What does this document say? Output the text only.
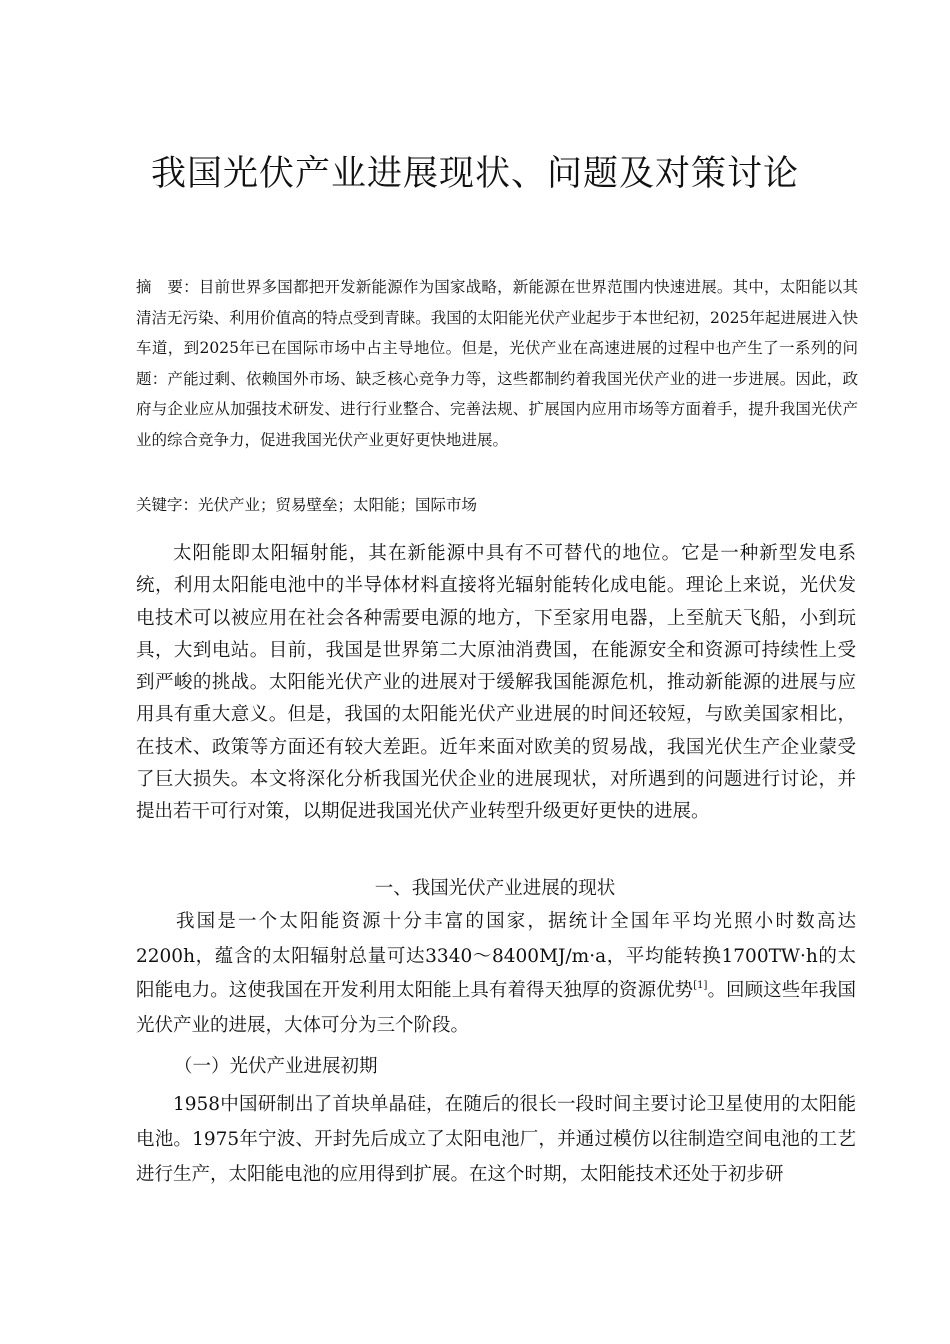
我国光伏产业进展现状、问题及对策讨论
摘　要：目前世界多国都把开发新能源作为国家战略，新能源在世界范围内快速进展。其中，太阳能以其清洁无污染、利用价值高的特点受到青睐。我国的太阳能光伏产业起步于本世纪初，2025年起进展进入快车道，到2025年已在国际市场中占主导地位。但是，光伏产业在高速进展的过程中也产生了一系列的问题：产能过剩、依赖国外市场、缺乏核心竞争力等，这些都制约着我国光伏产业的进一步进展。因此，政府与企业应从加强技术研发、进行行业整合、完善法规、扩展国内应用市场等方面着手，提升我国光伏产业的综合竞争力，促进我国光伏产业更好更快地进展。
关键字：光伏产业；贸易壁垒；太阳能；国际市场

太阳能即太阳辐射能，其在新能源中具有不可替代的地位。它是一种新型发电系统，利用太阳能电池中的半导体材料直接将光辐射能转化成电能。理论上来说，光伏发电技术可以被应用在社会各种需要电源的地方，下至家用电器，上至航天飞船，小到玩具，大到电站。目前，我国是世界第二大原油消费国，在能源安全和资源可持续性上受到严峻的挑战。太阳能光伏产业的进展对于缓解我国能源危机，推动新能源的进展与应用具有重大意义。但是，我国的太阳能光伏产业进展的时间还较短，与欧美国家相比，在技术、政策等方面还有较大差距。近年来面对欧美的贸易战，我国光伏生产企业蒙受了巨大损失。本文将深化分析我国光伏企业的进展现状，对所遇到的问题进行讨论，并提出若干可行对策，以期促进我国光伏产业转型升级更好更快的进展。

一、我国光伏产业进展的现状

我国是一个太阳能资源十分丰富的国家，据统计全国年平均光照小时数高达2200h，蕴含的太阳辐射总量可达3340～8400MJ/m·a，平均能转换1700TW·h的太阳能电力。这使我国在开发利用太阳能上具有着得天独厚的资源优势[1]。回顾这些年我国光伏产业的进展，大体可分为三个阶段。

（一）光伏产业进展初期

1958中国研制出了首块单晶硅，在随后的很长一段时间主要讨论卫星使用的太阳能电池。1975年宁波、开封先后成立了太阳电池厂，并通过模仿以往制造空间电池的工艺进行生产，太阳能电池的应用得到扩展。在这个时期，太阳能技术还处于初步研
